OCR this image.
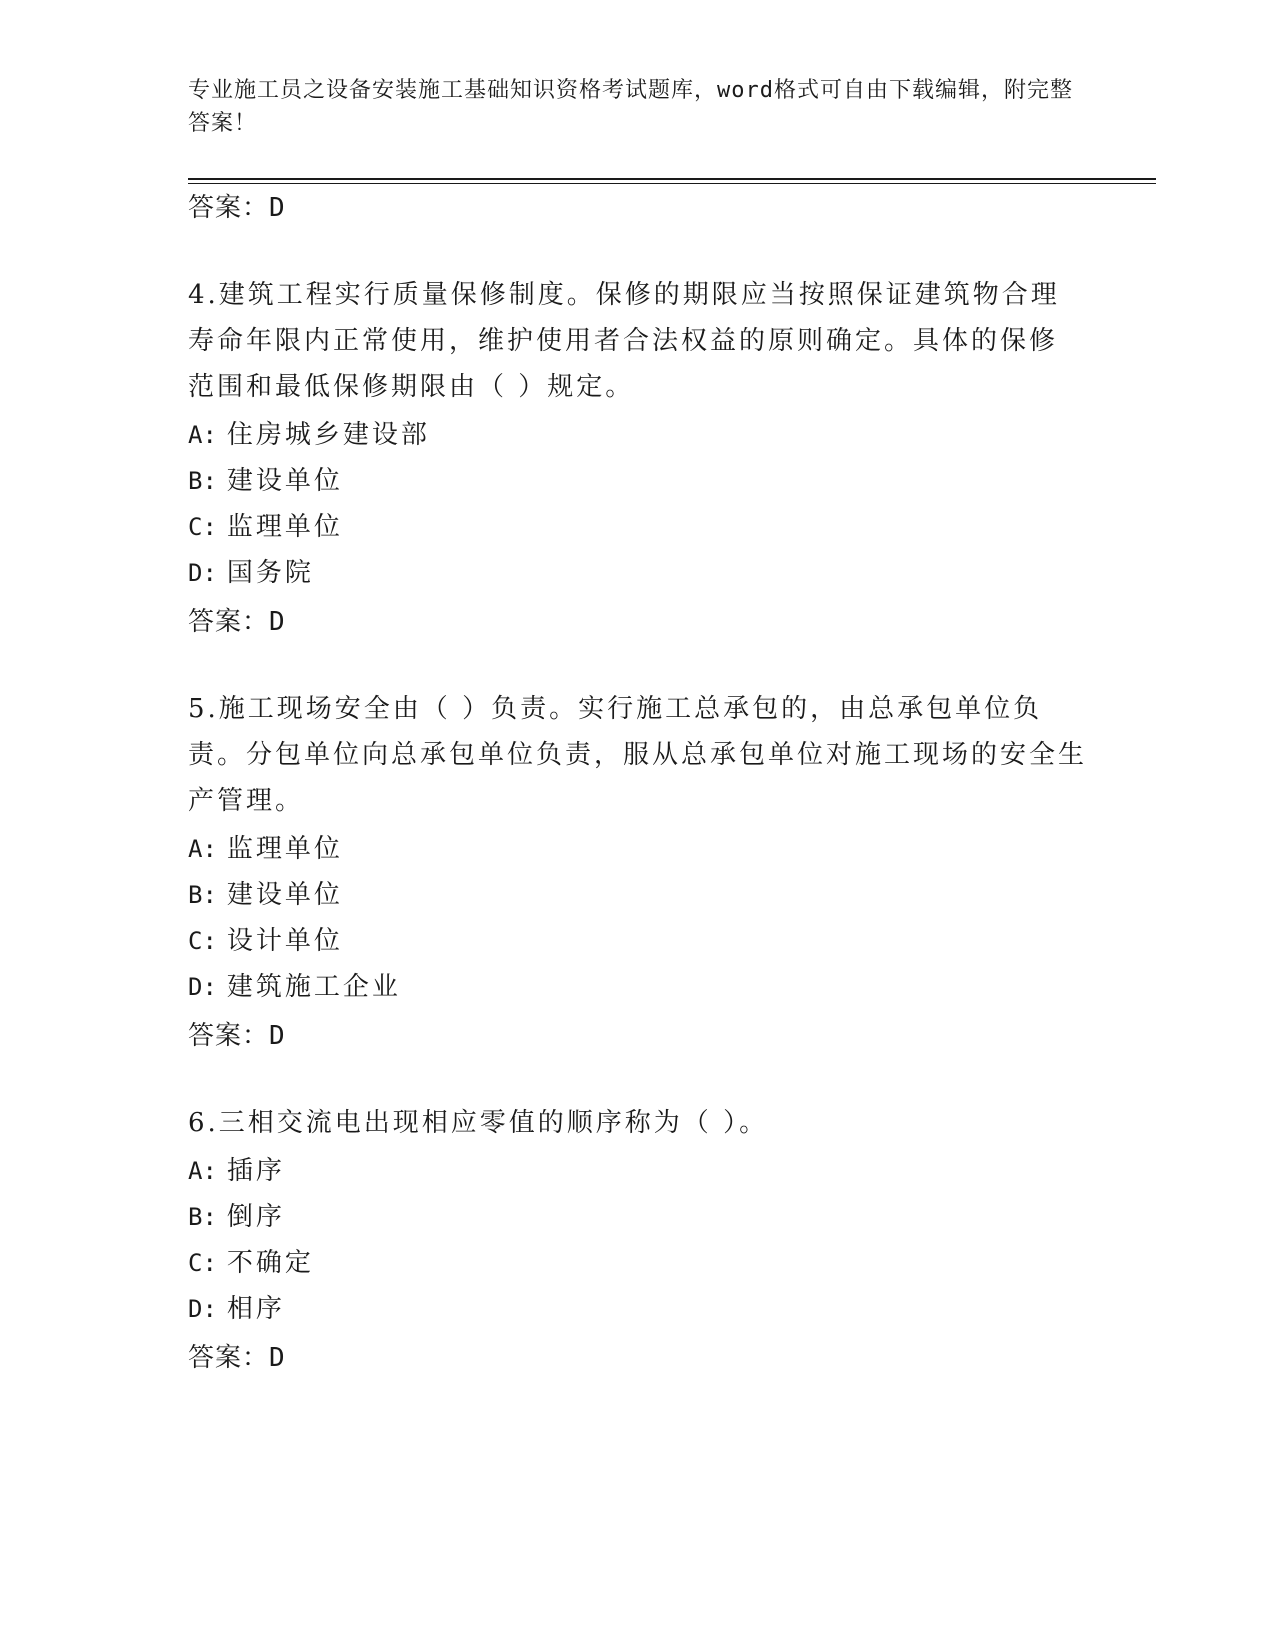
专业施工员之设备安装施工基础知识资格考试题库，word格式可自由下载编辑，附完整答案！
答案：D
4.建筑工程实行质量保修制度。保修的期限应当按照保证建筑物合理寿命年限内正常使用，维护使用者合法权益的原则确定。具体的保修范围和最低保修期限由（ ）规定。
A: 住房城乡建设部
B: 建设单位
C: 监理单位
D: 国务院
答案：D
5.施工现场安全由（ ）负责。实行施工总承包的，由总承包单位负责。分包单位向总承包单位负责，服从总承包单位对施工现场的安全生产管理。
A: 监理单位
B: 建设单位
C: 设计单位
D: 建筑施工企业
答案：D
6.三相交流电出现相应零值的顺序称为（ ）。
A: 插序
B: 倒序
C: 不确定
D: 相序
答案：D
